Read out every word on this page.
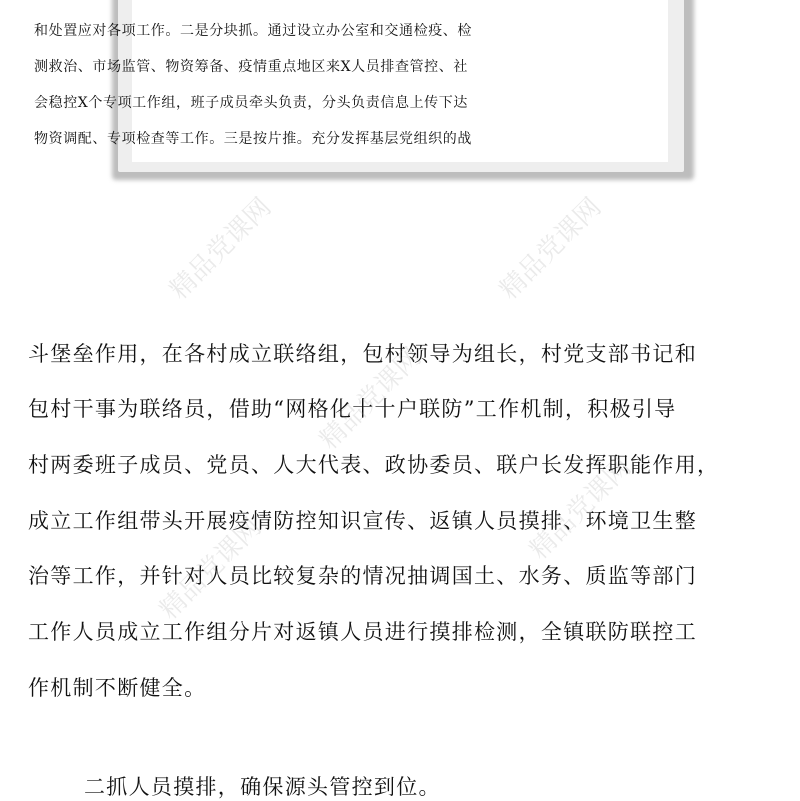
和处置应对各项工作。二是分块抓。通过设立办公室和交通检疫、检
测救治、市场监管、物资筹备、疫情重点地区来X人员排查管控、社
会稳控X个专项工作组，班子成员牵头负责，分头负责信息上传下达
物资调配、专项检查等工作。三是按片推。充分发挥基层党组织的战
斗堡垒作用，在各村成立联络组，包村领导为组长，村党支部书记和
包村干事为联络员，借助“网格化十十户联防”工作机制，积极引导
村两委班子成员、党员、人大代表、政协委员、联户长发挥职能作用，
成立工作组带头开展疫情防控知识宣传、返镇人员摸排、环境卫生整
治等工作，并针对人员比较复杂的情况抽调国土、水务、质监等部门
工作人员成立工作组分片对返镇人员进行摸排检测，全镇联防联控工
作机制不断健全。
二抓人员摸排，确保源头管控到位。
精品党课网	精品党课网
精品党课网
精品党课网
精品党课网
